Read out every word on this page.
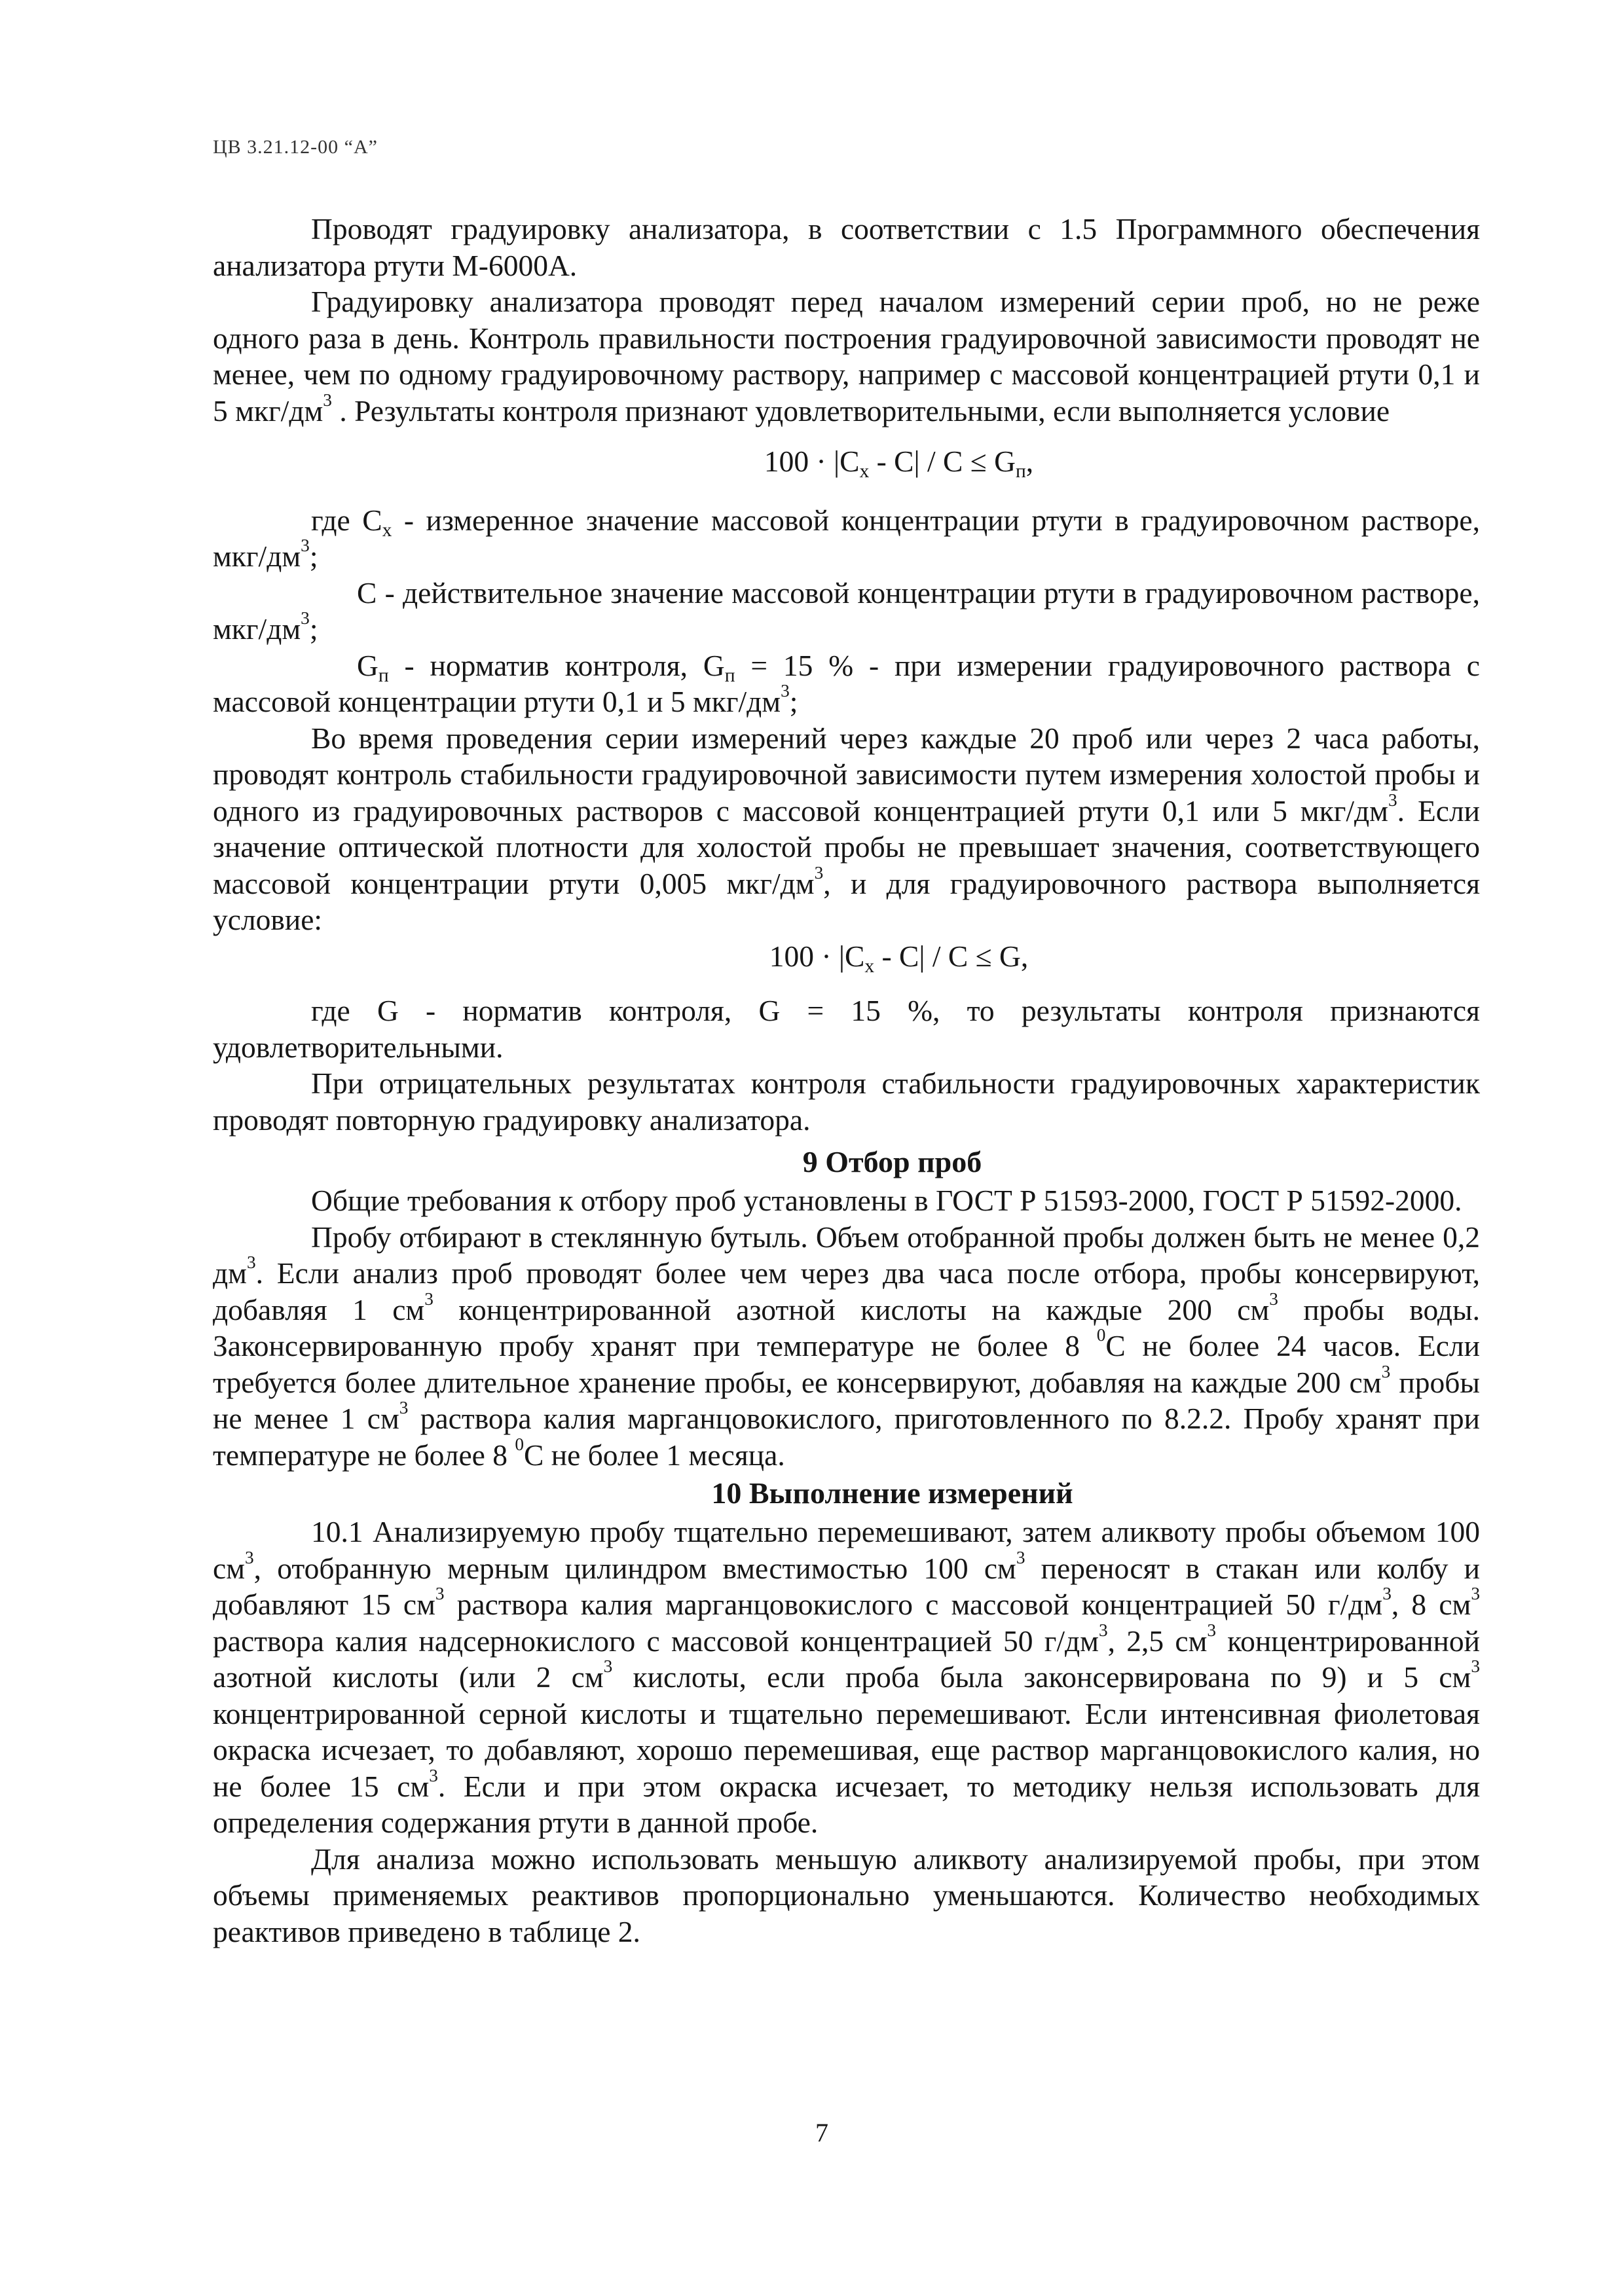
ЦВ 3.21.12-00 “А”

Проводят градуировку анализатора, в соответствии с 1.5 Программного обеспечения анализатора ртути М-6000А.

Градуировку анализатора проводят перед началом измерений серии проб, но не реже одного раза в день. Контроль правильности построения градуировочной зависимости проводят не менее, чем по одному градуировочному раствору, например с массовой концентрацией ртути 0,1 и 5 мкг/$дм^3$ . Результаты контроля признают удовлетворительными, если выполняется условие

$100 \cdot |C_x - C| / C \le G_п$,

где $C_x$ - измеренное значение массовой концентрации ртути в градуировочном растворе, мкг/$дм^3$;

C - действительное значение массовой концентрации ртути в градуировочном растворе, мкг/$дм^3$;

$G_п$ - норматив контроля, $G_п = 15$ % - при измерении градуировочного раствора с массовой концентрации ртути 0,1 и 5 мкг/$дм^3$;

Во время проведения серии измерений через каждые 20 проб или через 2 часа работы, проводят контроль стабильности градуировочной зависимости путем измерения холостой пробы и одного из градуировочных растворов с массовой концентрацией ртути 0,1 или 5 мкг/$дм^3$. Если значение оптической плотности для холостой пробы не превышает значения, соответствующего массовой концентрации ртути 0,005 мкг/$дм^3$, и для градуировочного раствора выполняется условие:

$100 \cdot |C_x - C| / C \le G$,

где G - норматив контроля, G = 15 %, то результаты контроля признаются удовлетворительными.

При отрицательных результатах контроля стабильности градуировочных характеристик проводят повторную градуировку анализатора.

9 Отбор проб

Общие требования к отбору проб установлены в ГОСТ Р 51593-2000, ГОСТ Р 51592-2000.

Пробу отбирают в стеклянную бутыль. Объем отобранной пробы должен быть не менее 0,2 $дм^3$. Если анализ проб проводят более чем через два часа после отбора, пробы консервируют, добавляя 1 $см^3$ концентрированной азотной кислоты на каждые 200 $см^3$ пробы воды. Законсервированную пробу хранят при температуре не более 8 $^0$С не более 24 часов. Если требуется более длительное хранение пробы, ее консервируют, добавляя на каждые 200 $см^3$ пробы не менее 1 $см^3$ раствора калия марганцовокислого, приготовленного по 8.2.2. Пробу хранят при температуре не более 8 $^0$С не более 1 месяца.

10 Выполнение измерений

10.1 Анализируемую пробу тщательно перемешивают, затем аликвоту пробы объемом 100 $см^3$, отобранную мерным цилиндром вместимостью 100 $см^3$ переносят в стакан или колбу и добавляют 15 $см^3$ раствора калия марганцовокислого с массовой концентрацией 50 $г/дм^3$, 8 $см^3$ раствора калия надсернокислого с массовой концентрацией 50 $г/дм^3$, 2,5 $см^3$ концентрированной азотной кислоты (или 2 $см^3$ кислоты, если проба была законсервирована по 9) и 5 $см^3$ концентрированной серной кислоты и тщательно перемешивают. Если интенсивная фиолетовая окраска исчезает, то добавляют, хорошо перемешивая, еще раствор марганцовокислого калия, но не более 15 $см^3$. Если и при этом окраска исчезает, то методику нельзя использовать для определения содержания ртути в данной пробе.

Для анализа можно использовать меньшую аликвоту анализируемой пробы, при этом объемы применяемых реактивов пропорционально уменьшаются. Количество необходимых реактивов приведено в таблице 2.

7
